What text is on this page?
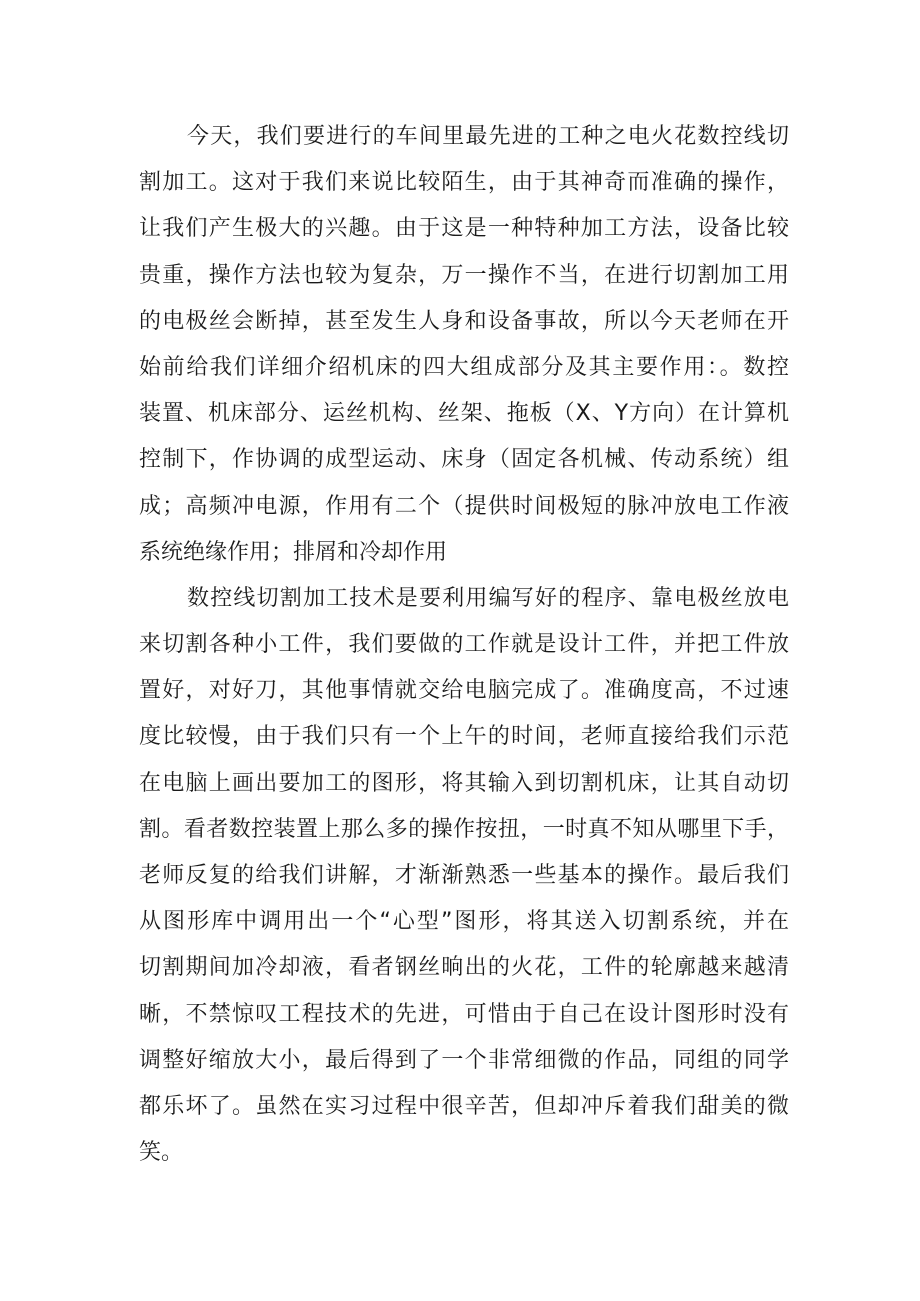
今天，我们要进行的车间里最先进的工种之电火花数控线切
割加工。这对于我们来说比较陌生，由于其神奇而准确的操作，
让我们产生极大的兴趣。由于这是一种特种加工方法，设备比较
贵重，操作方法也较为复杂，万一操作不当，在进行切割加工用
的电极丝会断掉，甚至发生人身和设备事故，所以今天老师在开
始前给我们详细介绍机床的四大组成部分及其主要作用：。数控
装置、机床部分、运丝机构、丝架、拖板（X、Y方向）在计算机
控制下，作协调的成型运动、床身（固定各机械、传动系统）组
成；高频冲电源，作用有二个（提供时间极短的脉冲放电工作液
系统绝缘作用；排屑和冷却作用
数控线切割加工技术是要利用编写好的程序、靠电极丝放电
来切割各种小工件，我们要做的工作就是设计工件，并把工件放
置好，对好刀，其他事情就交给电脑完成了。准确度高，不过速
度比较慢，由于我们只有一个上午的时间，老师直接给我们示范
在电脑上画出要加工的图形，将其输入到切割机床，让其自动切
割。看者数控装置上那么多的操作按扭，一时真不知从哪里下手，
老师反复的给我们讲解，才渐渐熟悉一些基本的操作。最后我们
从图形库中调用出一个“心型”图形，将其送入切割系统，并在
切割期间加冷却液，看者钢丝晌出的火花，工件的轮廓越来越清
晰，不禁惊叹工程技术的先进，可惜由于自己在设计图形时没有
调整好缩放大小，最后得到了一个非常细微的作品，同组的同学
都乐坏了。虽然在实习过程中很辛苦，但却冲斥着我们甜美的微
笑。
